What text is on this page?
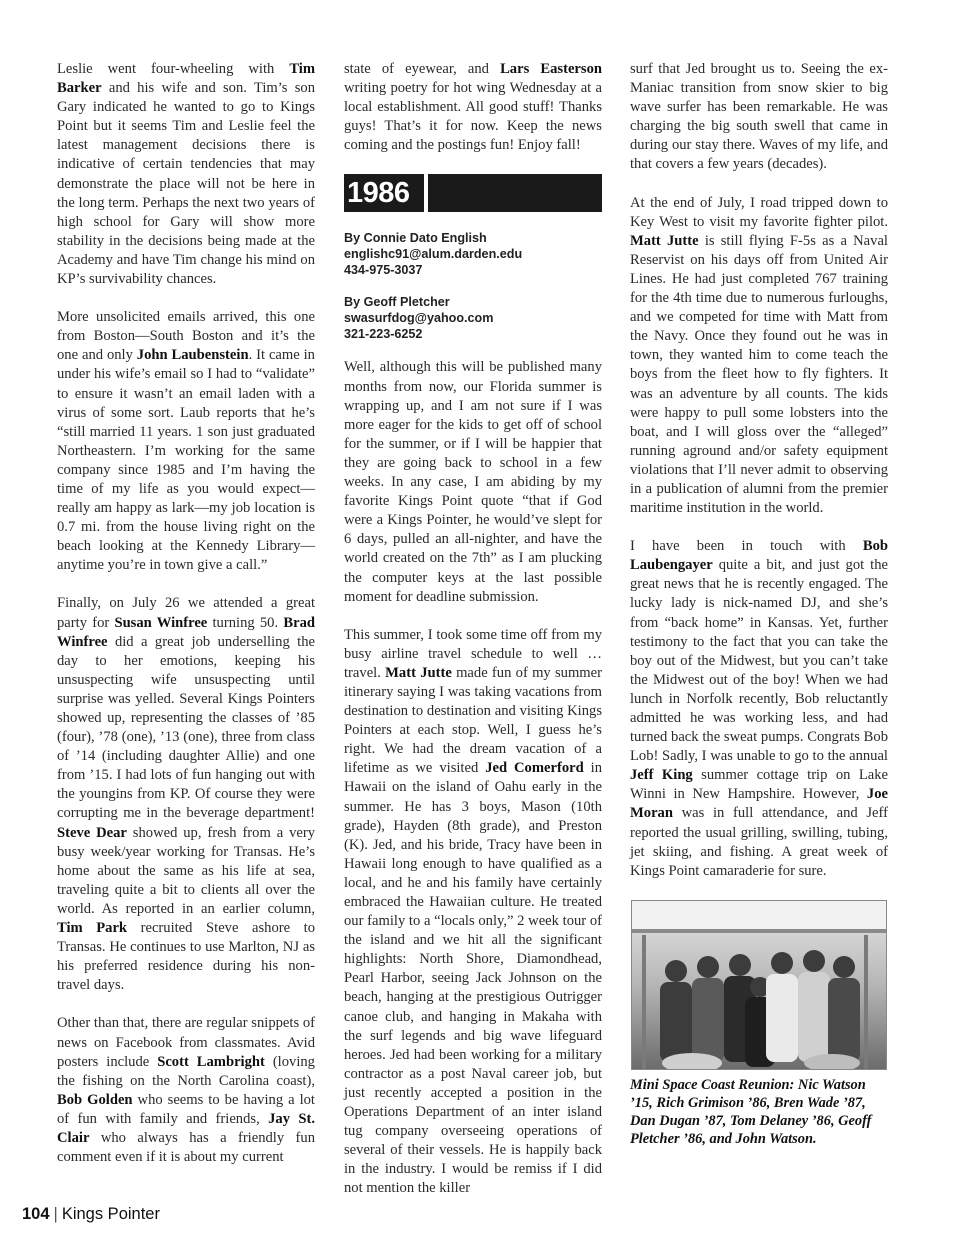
Leslie went four-wheeling with Tim Barker and his wife and son. Tim’s son Gary indicated he wanted to go to Kings Point but it seems Tim and Leslie feel the latest management decisions there is indicative of certain tendencies that may demonstrate the place will not be here in the long term. Perhaps the next two years of high school for Gary will show more stability in the decisions being made at the Academy and have Tim change his mind on KP’s survivability chances.

More unsolicited emails arrived, this one from Boston—South Boston and it’s the one and only John Laubenstein. It came in under his wife’s email so I had to “validate” to ensure it wasn’t an email laden with a virus of some sort. Laub reports that he’s “still married 11 years. 1 son just graduated Northeastern. I’m working for the same company since 1985 and I’m having the time of my life as you would expect—really am happy as lark—my job location is 0.7 mi. from the house living right on the beach looking at the Kennedy Library—anytime you’re in town give a call.”

Finally, on July 26 we attended a great party for Susan Winfree turning 50. Brad Winfree did a great job underselling the day to her emotions, keeping his unsuspecting wife unsuspecting until surprise was yelled. Several Kings Pointers showed up, representing the classes of ’85 (four), ’78 (one), ’13 (one), three from class of ’14 (including daughter Allie) and one from ’15. I had lots of fun hanging out with the youngins from KP. Of course they were corrupting me in the beverage department! Steve Dear showed up, fresh from a very busy week/year working for Transas. He’s home about the same as his life at sea, traveling quite a bit to clients all over the world. As reported in an earlier column, Tim Park recruited Steve ashore to Transas. He continues to use Marlton, NJ as his preferred residence during his non-travel days.

Other than that, there are regular snippets of news on Facebook from classmates. Avid posters include Scott Lambright (loving the fishing on the North Carolina coast), Bob Golden who seems to be having a lot of fun with family and friends, Jay St. Clair who always has a friendly fun comment even if it is about my current

state of eyewear, and Lars Easterson writing poetry for hot wing Wednesday at a local establishment. All good stuff! Thanks guys! That’s it for now. Keep the news coming and the postings fun! Enjoy fall!

1986
By Connie Dato English
englishc91@alum.darden.edu
434-975-3037
By Geoff Pletcher
swasurfdog@yahoo.com
321-223-6252

Well, although this will be published many months from now, our Florida summer is wrapping up, and I am not sure if I was more eager for the kids to get off of school for the summer, or if I will be happier that they are going back to school in a few weeks. In any case, I am abiding by my favorite Kings Point quote “that if God were a Kings Pointer, he would’ve slept for 6 days, pulled an all-nighter, and have the world created on the 7th” as I am plucking the computer keys at the last possible moment for deadline submission.

This summer, I took some time off from my busy airline travel schedule to well … travel. Matt Jutte made fun of my summer itinerary saying I was taking vacations from destination to destination and visiting Kings Pointers at each stop. Well, I guess he’s right. We had the dream vacation of a lifetime as we visited Jed Comerford in Hawaii on the island of Oahu early in the summer. He has 3 boys, Mason (10th grade), Hayden (8th grade), and Preston (K). Jed, and his bride, Tracy have been in Hawaii long enough to have qualified as a local, and he and his family have certainly embraced the Hawaiian culture. He treated our family to a “locals only,” 2 week tour of the island and we hit all the significant highlights: North Shore, Diamondhead, Pearl Harbor, seeing Jack Johnson on the beach, hanging at the prestigious Outrigger canoe club, and hanging in Makaha with the surf legends and big wave lifeguard heroes. Jed had been working for a military contractor as a post Naval career job, but just recently accepted a position in the Operations Department of an inter island tug company overseeing operations of several of their vessels. He is happily back in the industry. I would be remiss if I did not mention the killer

surf that Jed brought us to. Seeing the ex-Maniac transition from snow skier to big wave surfer has been remarkable. He was charging the big south swell that came in during our stay there. Waves of my life, and that covers a few years (decades).

At the end of July, I road tripped down to Key West to visit my favorite fighter pilot. Matt Jutte is still flying F-5s as a Naval Reservist on his days off from United Air Lines. He had just completed 767 training for the 4th time due to numerous furloughs, and we competed for time with Matt from the Navy. Once they found out he was in town, they wanted him to come teach the boys from the fleet how to fly fighters. It was an adventure by all counts. The kids were happy to pull some lobsters into the boat, and I will gloss over the “alleged” running aground and/or safety equipment violations that I’ll never admit to observing in a publication of alumni from the premier maritime institution in the world.

I have been in touch with Bob Laubengayer quite a bit, and just got the great news that he is recently engaged. The lucky lady is nick-named DJ, and she’s from “back home” in Kansas. Yet, further testimony to the fact that you can take the boy out of the Midwest, but you can’t take the Midwest out of the boy! When we had lunch in Norfolk recently, Bob reluctantly admitted he was working less, and had turned back the sweat pumps. Congrats Bob Lob! Sadly, I was unable to go to the annual Jeff King summer cottage trip on Lake Winni in New Hampshire. However, Joe Moran was in full attendance, and Jeff reported the usual grilling, swilling, tubing, jet skiing, and fishing. A great week of Kings Point camaraderie for sure.

Mini Space Coast Reunion: Nic Watson ’15, Rich Grimison ’86, Bren Wade ’87, Dan Dugan ’87, Tom Delaney ’86, Geoff Pletcher ’86, and John Watson.
104 | Kings Pointer
